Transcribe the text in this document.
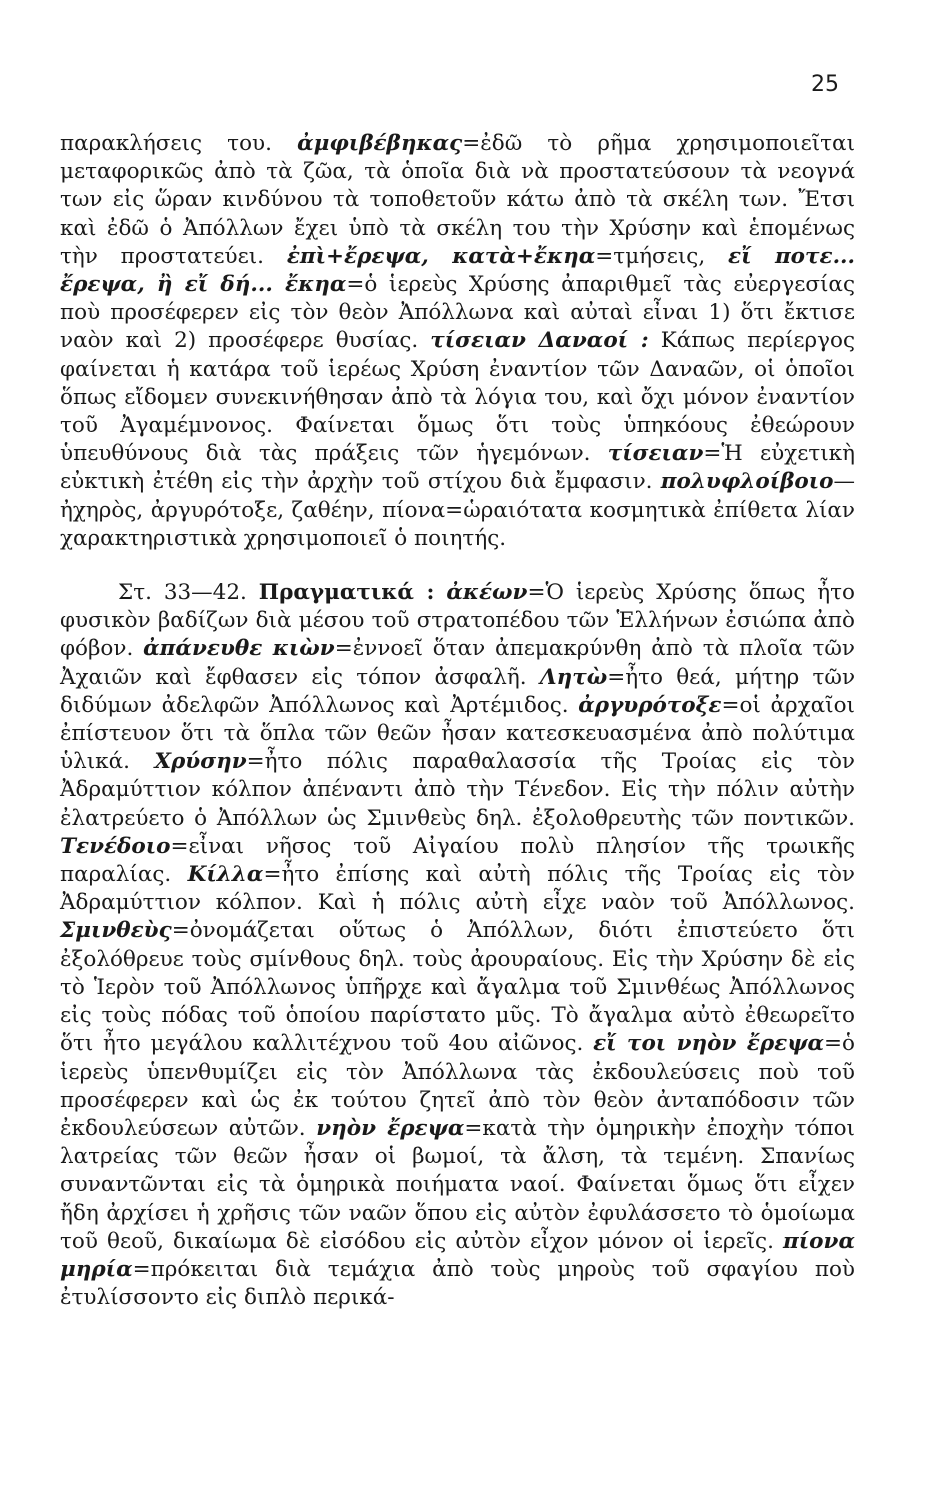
25

παρακλήσεις του. ἀμφιβέβηκας=ἐδῶ τὸ ρῆμα χρησιμοποιεῖται μεταφορικῶς ἀπὸ τὰ ζῶα, τὰ ὁποῖα διὰ νὰ προστατεύσουν τὰ νεογνά των εἰς ὥραν κινδύνου τὰ τοποθετοῦν κάτω ἀπὸ τὰ σκέλη των. Ἔτσι καὶ ἐδῶ ὁ Ἀπόλλων ἔχει ὑπὸ τὰ σκέλη του τὴν Χρύσην καὶ ἑπομένως τὴν προστατεύει. ἐπὶ+ἔρεψα, κατὰ+ἔκηα=τμήσεις, εἴ ποτε... ἔρεψα, ἢ εἴ δή... ἔκηα=ὁ ἱερεὺς Χρύσης ἀπαριθμεῖ τὰς εὐεργεσίας ποὺ προσέφερεν εἰς τὸν θεὸν Ἀπόλλωνα καὶ αὐταὶ εἶναι 1) ὅτι ἔκτισε ναὸν καὶ 2) προσέφερε θυσίας. τίσειαν Δαναοί : Κάπως περίεργος φαίνεται ἡ κατάρα τοῦ ἱερέως Χρύση ἐναντίον τῶν Δαναῶν, οἱ ὁποῖοι ὅπως εἴδομεν συνεκινήθησαν ἀπὸ τὰ λόγια του, καὶ ὄχι μόνον ἐναντίον τοῦ Ἀγαμέμνονος. Φαίνεται ὅμως ὅτι τοὺς ὑπηκόους ἐθεώρουν ὑπευθύνους διὰ τὰς πράξεις τῶν ἡγεμόνων. τίσειαν=Ἡ εὐχετικὴ εὐκτικὴ ἐτέθη εἰς τὴν ἀρχὴν τοῦ στίχου διὰ ἔμφασιν. πολυφλοίβοιο—ἠχηρὸς, ἀργυρότοξε, ζαθέην, πίονα=ὡραιότατα κοσμητικὰ ἐπίθετα λίαν χαρακτηριστικὰ χρησιμοποιεῖ ὁ ποιητής.

Στ. 33—42. Πραγματικά : ἀκέων=Ὁ ἱερεὺς Χρύσης ὅπως ἦτο φυσικὸν βαδίζων διὰ μέσου τοῦ στρατοπέδου τῶν Ἑλλήνων ἐσιώπα ἀπὸ φόβον. ἀπάνευθε κιὼν=ἐννοεῖ ὅταν ἀπεμακρύνθη ἀπὸ τὰ πλοῖα τῶν Ἀχαιῶν καὶ ἔφθασεν εἰς τόπον ἀσφαλῆ. Λητὼ=ἦτο θεά, μήτηρ τῶν διδύμων ἀδελφῶν Ἀπόλλωνος καὶ Ἀρτέμιδος. ἀργυρότοξε=οἱ ἀρχαῖοι ἐπίστευον ὅτι τὰ ὅπλα τῶν θεῶν ἦσαν κατεσκευασμένα ἀπὸ πολύτιμα ὑλικά. Χρύσην=ἦτο πόλις παραθαλασσία τῆς Τροίας εἰς τὸν Ἀδραμύττιον κόλπον ἀπέναντι ἀπὸ τὴν Τένεδον. Εἰς τὴν πόλιν αὐτὴν ἐλατρεύετο ὁ Ἀπόλλων ὡς Σμινθεὺς δηλ. ἐξολοθρευτὴς τῶν ποντικῶν. Τενέδοιο=εἶναι νῆσος τοῦ Αἰγαίου πολὺ πλησίον τῆς τρωικῆς παραλίας. Κίλλα=ἦτο ἐπίσης καὶ αὐτὴ πόλις τῆς Τροίας εἰς τὸν Ἀδραμύττιον κόλπον. Καὶ ἡ πόλις αὐτὴ εἶχε ναὸν τοῦ Ἀπόλλωνος. Σμινθεὺς=ὀνομάζεται οὕτως ὁ Ἀπόλλων, διότι ἐπιστεύετο ὅτι ἐξολόθρευε τοὺς σμίνθους δηλ. τοὺς ἀρουραίους. Εἰς τὴν Χρύσην δὲ εἰς τὸ Ἱερὸν τοῦ Ἀπόλλωνος ὑπῆρχε καὶ ἄγαλμα τοῦ Σμινθέως Ἀπόλλωνος εἰς τοὺς πόδας τοῦ ὁποίου παρίστατο μῦς. Τὸ ἄγαλμα αὐτὸ ἐθεωρεῖτο ὅτι ἦτο μεγάλου καλλιτέχνου τοῦ 4ου αἰῶνος. εἴ τοι νηὸν ἔρεψα=ὁ ἱερεὺς ὑπενθυμίζει εἰς τὸν Ἀπόλλωνα τὰς ἐκδουλεύσεις ποὺ τοῦ προσέφερεν καὶ ὡς ἐκ τούτου ζητεῖ ἀπὸ τὸν θεὸν ἀνταπόδοσιν τῶν ἐκδουλεύσεων αὐτῶν. νηὸν ἔρεψα=κατὰ τὴν ὁμηρικὴν ἐποχὴν τόποι λατρείας τῶν θεῶν ἦσαν οἱ βωμοί, τὰ ἄλση, τὰ τεμένη. Σπανίως συναντῶνται εἰς τὰ ὁμηρικὰ ποιήματα ναοί. Φαίνεται ὅμως ὅτι εἶχεν ἤδη ἀρχίσει ἡ χρῆσις τῶν ναῶν ὅπου εἰς αὐτὸν ἐφυλάσσετο τὸ ὁμοίωμα τοῦ θεοῦ, δικαίωμα δὲ εἰσόδου εἰς αὐτὸν εἶχον μόνον οἱ ἱερεῖς. πίονα μηρία=πρόκειται διὰ τεμάχια ἀπὸ τοὺς μηροὺς τοῦ σφαγίου ποὺ ἐτυλίσσοντο εἰς διπλὸ περικά-
